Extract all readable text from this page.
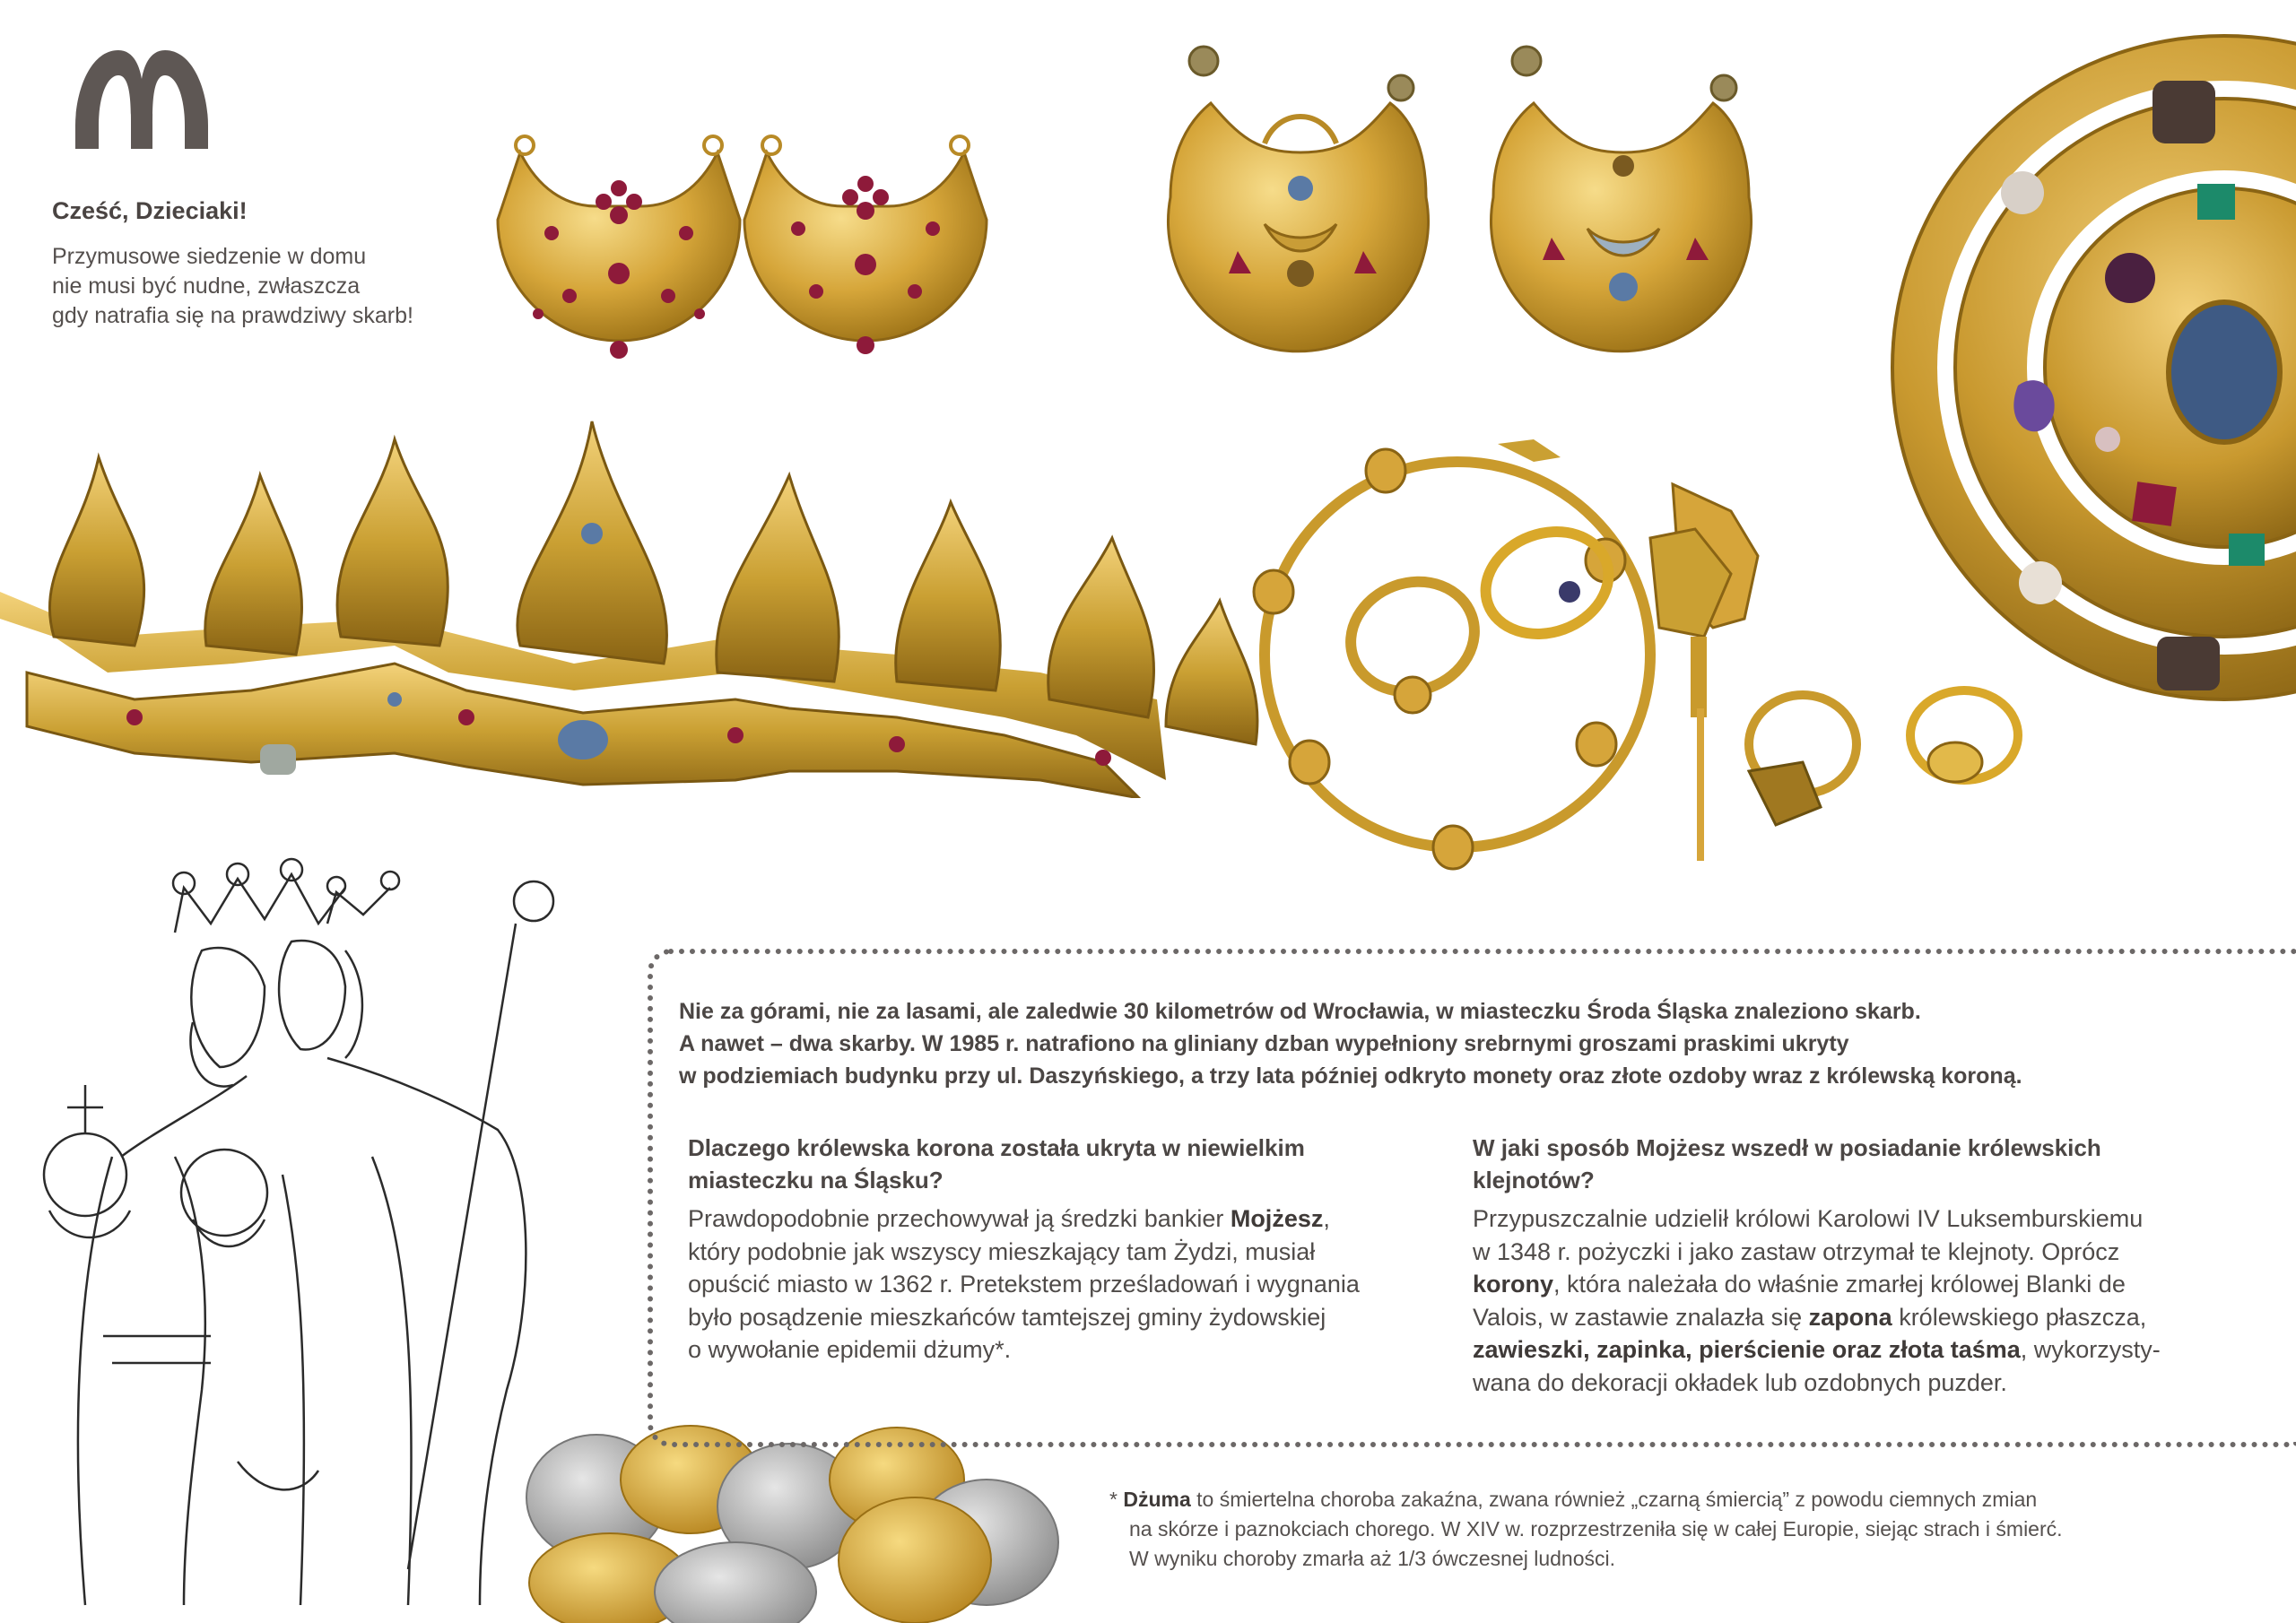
Cześć, Dzieciaki!
Przymusowe siedzenie w domu
nie musi być nudne, zwłaszcza
gdy natrafia się na prawdziwy skarb!
Nie za górami, nie za lasami, ale zaledwie 30 kilometrów od Wrocławia, w miasteczku Środa Śląska znaleziono skarb.
A nawet – dwa skarby. W 1985 r. natrafiono na gliniany dzban wypełniony srebrnymi groszami praskimi ukryty
w podziemiach budynku przy ul. Daszyńskiego, a trzy lata później odkryto monety oraz złote ozdoby wraz z królewską koroną.
Dlaczego królewska korona została ukryta w niewielkim
miasteczku na Śląsku?
Prawdopodobnie przechowywał ją średzki bankier Mojżesz,
który podobnie jak wszyscy mieszkający tam Żydzi, musiał
opuścić miasto w 1362 r. Pretekstem prześladowań i wygnania
było posądzenie mieszkańców tamtejszej gminy żydowskiej
o wywołanie epidemii dżumy*.
W jaki sposób Mojżesz wszedł w posiadanie królewskich
klejnotów?
Przypuszczalnie udzielił królowi Karolowi IV Luksemburskiemu
w 1348 r. pożyczki i jako zastaw otrzymał te klejnoty. Oprócz
korony, która należała do właśnie zmarłej królowej Blanki de
Valois, w zastawie znalazła się zapona królewskiego płaszcza,
zawieszki, zapinka, pierścienie oraz złota taśma, wykorzysty-
wana do dekoracji okładek lub ozdobnych puzder.
* Dżuma to śmiertelna choroba zakaźna, zwana również „czarną śmiercią” z powodu ciemnych zmian
na skórze i paznokciach chorego. W XIV w. rozprzestrzeniła się w całej Europie, siejąc strach i śmierć.
W wyniku choroby zmarła aż 1/3 ówczesnej ludności.
